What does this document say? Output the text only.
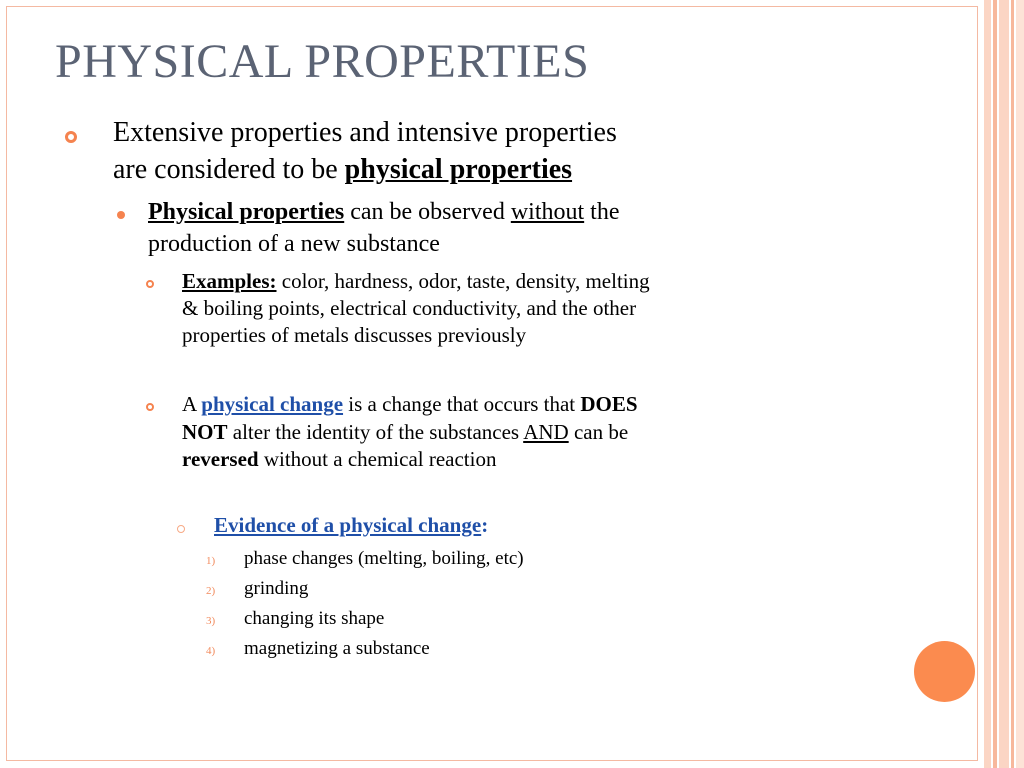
PHYSICAL PROPERTIES
Extensive properties and intensive properties
are considered to be physical properties
Physical properties can be observed without the
production of a new substance
Examples: color, hardness, odor, taste, density, melting
& boiling points, electrical conductivity, and the other
properties of metals discusses previously
A physical change is a change that occurs that DOES
NOT alter the identity of the substances AND can be
reversed without a chemical reaction
Evidence of a physical change:
1) phase changes (melting, boiling, etc)
2) grinding
3) changing its shape
4) magnetizing a substance
